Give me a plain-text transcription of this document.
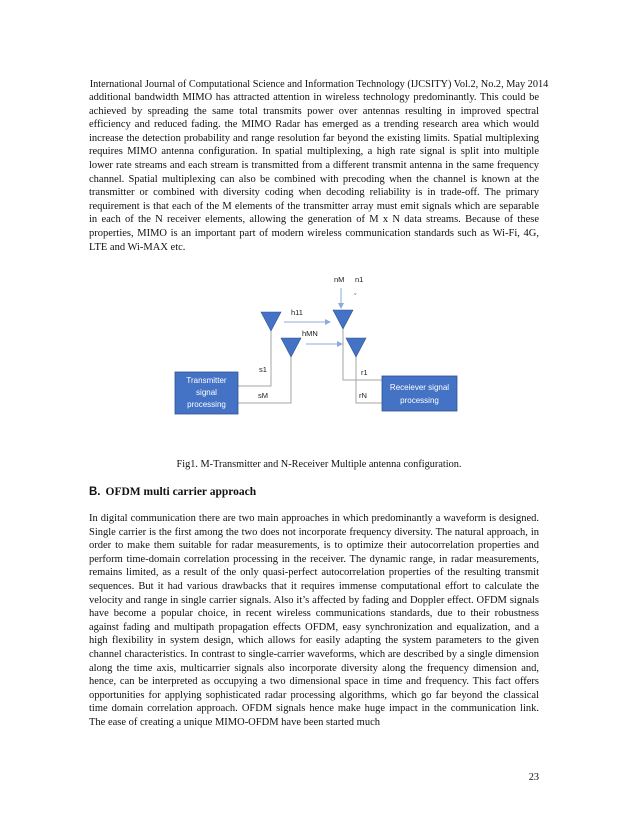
International Journal of Computational Science and Information Technology (IJCSITY) Vol.2, No.2, May 2014

additional bandwidth MIMO has attracted attention in wireless technology predominantly. This could be achieved by spreading the same total transmits power over antennas resulting in improved spectral efficiency and reduced fading. the MIMO Radar has emerged as a trending research area which would increase the detection probability and range resolution far beyond the existing limits. Spatial multiplexing requires MIMO antenna configuration. In spatial multiplexing, a high rate signal is split into multiple lower rate streams and each stream is transmitted from a different transmit antenna in the same frequency channel. Spatial multiplexing can also be combined with precoding when the channel is known at the transmitter or combined with diversity coding when decoding reliability is in trade-off. The primary requirement is that each of the M elements of the transmitter array must emit signals which are separable in each of the N receiver elements, allowing the generation of M x N data streams. Because of these properties, MIMO is an important part of modern wireless communication standards such as Wi-Fi, 4G, LTE and Wi-MAX etc.

nM n1
ˇ
h11
hMN
s1
sM
r1
rN
Transmitter
signal
processing
Receiever signal
processing
Fig1. M-Transmitter and N-Receiver Multiple antenna configuration.
B. OFDM multi carrier approach

In digital communication there are two main approaches in which predominantly a waveform is designed. Single carrier is the first among the two does not incorporate frequency diversity. The natural approach, in order to make them suitable for radar measurements, is to optimize their autocorrelation properties and perform time-domain correlation processing in the receiver. The dynamic range, in radar measurements, remains limited, as a result of the only quasi-perfect autocorrelation properties of the resulting transmit sequences. But it had various drawbacks that it requires immense computational effort to calculate the velocity and range in single carrier signals. Also it’s affected by fading and Doppler effect. OFDM signals have become a popular choice, in recent wireless communications standards, due to their robustness against fading and multipath propagation effects OFDM, easy synchronization and equalization, and a high flexibility in system design, which allows for easily adapting the system parameters to the given channel characteristics. In contrast to single-carrier waveforms, which are described by a single dimension along the time axis, multicarrier signals also incorporate diversity along the frequency dimension and, hence, can be interpreted as occupying a two dimensional space in time and frequency. This fact offers opportunities for applying sophisticated radar processing algorithms, which go far beyond the classical time domain correlation approach. OFDM signals hence make huge impact in the communication link. The ease of creating a unique MIMO-OFDM have been started much

23
